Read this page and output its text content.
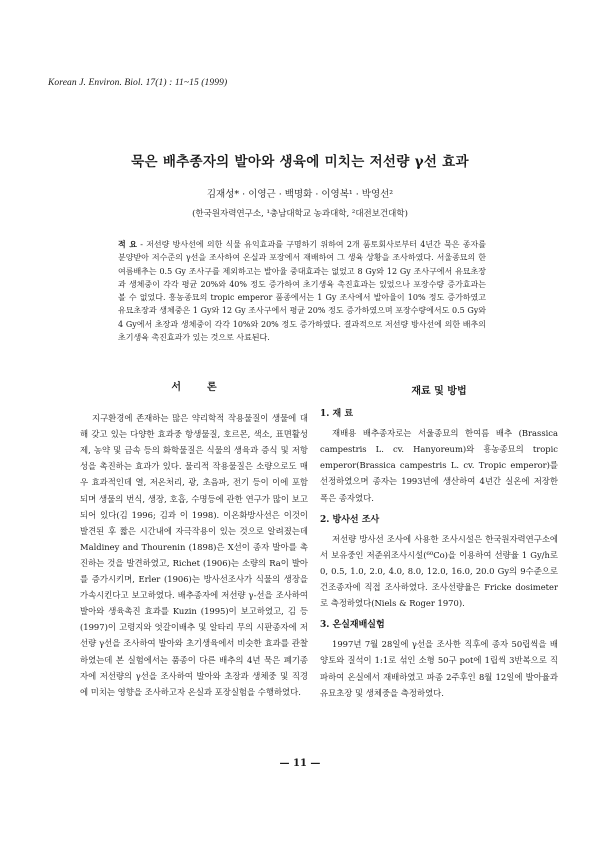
Korean J. Environ. Biol. 17(1) : 11~15 (1999)
묵은 배추종자의 발아와 생육에 미치는 저선량 γ선 효과
김재성* · 이영근 · 백명화 · 이영복¹ · 박영선²
(한국원자력연구소, ¹충남대학교 농과대학, ²대전보건대학)
적 요 - 저선량 방사선에 의한 식물 유익효과를 구명하기 위하여 2개 품토회사로부터 4년간 묵은 종자를 분양받아 저수준의 γ선을 조사하여 온실과 포장에서 재배하여 그 생육 상황을 조사하였다. 서울종묘의 한여름배추는 0.5 Gy 조사구를 제외하고는 발아율 중대효과는 없었고 8 Gy와 12 Gy 조사구에서 유묘초장과 생체중이 각각 평균 20%와 40% 정도 증가하여 초기생육 촉진효과는 있었으나 포장수량 증가효과는 볼 수 없었다. 흥농종묘의 tropic emperor 품종에서는 1 Gy 조사에서 발아율이 10% 정도 증가하였고 유묘초장과 생체중은 1 Gy와 12 Gy 조사구에서 평균 20% 정도 증가하였으며 포장수량에서도 0.5 Gy와 4 Gy에서 초장과 생체중이 각각 10%와 20% 정도 증가하였다. 결과적으로 저선량 방사선에 의한 배추의 초기생육 촉진효과가 있는 것으로 사료된다.
서론

지구환경에 존재하는 많은 약리학적 작용물질이 생물에 대해 갖고 있는 다양한 효과중 항생물질, 호르몬, 색소, 표면활성제, 농약 및 금속 등의 화학물질은 식물의 생육과 증식 및 저항성을 촉진하는 효과가 있다. 물리적 작용물질은 소량으로도 매우 효과적인데 열, 저온처리, 광, 초음파, 전기 등이 이에 포함되며 생물의 번식, 생장, 호흡, 수명등에 관한 연구가 많이 보고되어 있다(김 1996; 김과 이 1998). 이온화방사선은 이것이 발견된 후 짧은 시간내에 자극작용이 있는 것으로 알려졌는데 Maldiney and Thourenin (1898)은 X선이 종자 발아를 촉진하는 것을 발견하였고, Richet (1906)는 소량의 Ra이 발아를 증가시키며, Erler (1906)는 방사선조사가 식물의 생장을 가속시킨다고 보고하였다. 배추종자에 저선량 γ-선을 조사하여 발아와 생육촉진 효과를 Kuzin (1995)이 보고하였고, 김 등(1997)이 고령지와 엇갈이배추 및 알타리 무의 시판종자에 저선량 γ선을 조사하여 발아와 초기생육에서 비슷한 효과를 관찰하였는데 본 실험에서는 품종이 다른 배추의 4년 묵은 폐기종자에 저선량의 γ선을 조사하여 발아와 초장과 생체중 및 직경에 미치는 영향을 조사하고자 온실과 포장실험을 수행하였다.

재료 및 방법
1. 재 료

재배용 배추종자로는 서울종묘의 한여름 배추 (Brassica campestris L. cv. Hanyoreum)와 흥농종묘의 tropic emperor(Brassica campestris L. cv. Tropic emperor)를 선정하였으며 종자는 1993년에 생산하여 4년간 실온에 저장한 폭은 종자였다.

2. 방사선 조사

저선량 방사선 조사에 사용한 조사시설은 한국원자력연구소에서 보유중인 저준위조사시설(⁶⁰Co)을 이용하여 선량율 1 Gy/h로 0, 0.5, 1.0, 2.0, 4.0, 8.0, 12.0, 16.0, 20.0 Gy의 9수준으로 건조종자에 직접 조사하였다. 조사선량율은 Fricke dosimeter로 측정하였다(Niels & Roger 1970).

3. 온실재배실험

1997년 7월 28일에 γ선을 조사한 직후에 종자 50립씩을 배양토와 질석이 1:1로 섞인 소형 50구 pot에 1립씩 3반복으로 직파하여 온실에서 재배하였고 파종 2주후인 8월 12일에 발아율과 유묘초장 및 생체중을 측정하였다.

— 11 —
